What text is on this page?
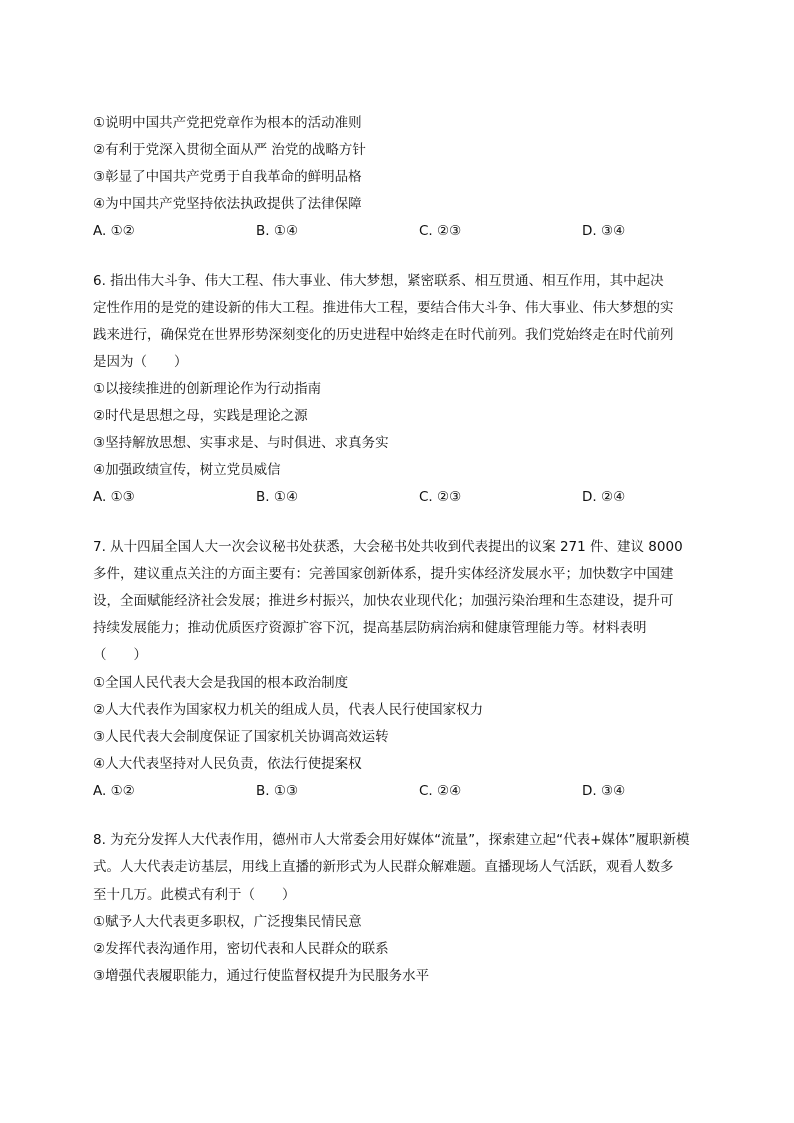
①说明中国共产党把党章作为根本的活动准则
②有利于党深入贯彻全面从严 治党的战略方针
③彰显了中国共产党勇于自我革命的鲜明品格
④为中国共产党坚持依法执政提供了法律保障
A. ①②	B. ①④	C. ②③	D. ③④
6. 指出伟大斗争、伟大工程、伟大事业、伟大梦想，紧密联系、相互贯通、相互作用，其中起决
定性作用的是党的建设新的伟大工程。推进伟大工程，要结合伟大斗争、伟大事业、伟大梦想的实
践来进行，确保党在世界形势深刻变化的历史进程中始终走在时代前列。我们党始终走在时代前列
是因为（　　）
①以接续推进的创新理论作为行动指南
②时代是思想之母，实践是理论之源
③坚持解放思想、实事求是、与时俱进、求真务实
④加强政绩宣传，树立党员威信
A. ①③	B. ①④	C. ②③	D. ②④
7. 从十四届全国人大一次会议秘书处获悉，大会秘书处共收到代表提出的议案 271 件、建议 8000
多件，建议重点关注的方面主要有：完善国家创新体系，提升实体经济发展水平；加快数字中国建
设，全面赋能经济社会发展；推进乡村振兴，加快农业现代化；加强污染治理和生态建设，提升可
持续发展能力；推动优质医疗资源扩容下沉，提高基层防病治病和健康管理能力等。材料表明
（　　）
①全国人民代表大会是我国的根本政治制度
②人大代表作为国家权力机关的组成人员，代表人民行使国家权力
③人民代表大会制度保证了国家机关协调高效运转
④人大代表坚持对人民负责，依法行使提案权
A. ①②	B. ①③	C. ②④	D. ③④
8. 为充分发挥人大代表作用，德州市人大常委会用好媒体“流量”，探索建立起“代表+媒体”履职新模
式。人大代表走访基层，用线上直播的新形式为人民群众解难题。直播现场人气活跃，观看人数多
至十几万。此模式有利于（　　）
①赋予人大代表更多职权，广泛搜集民情民意
②发挥代表沟通作用，密切代表和人民群众的联系
③增强代表履职能力，通过行使监督权提升为民服务水平
